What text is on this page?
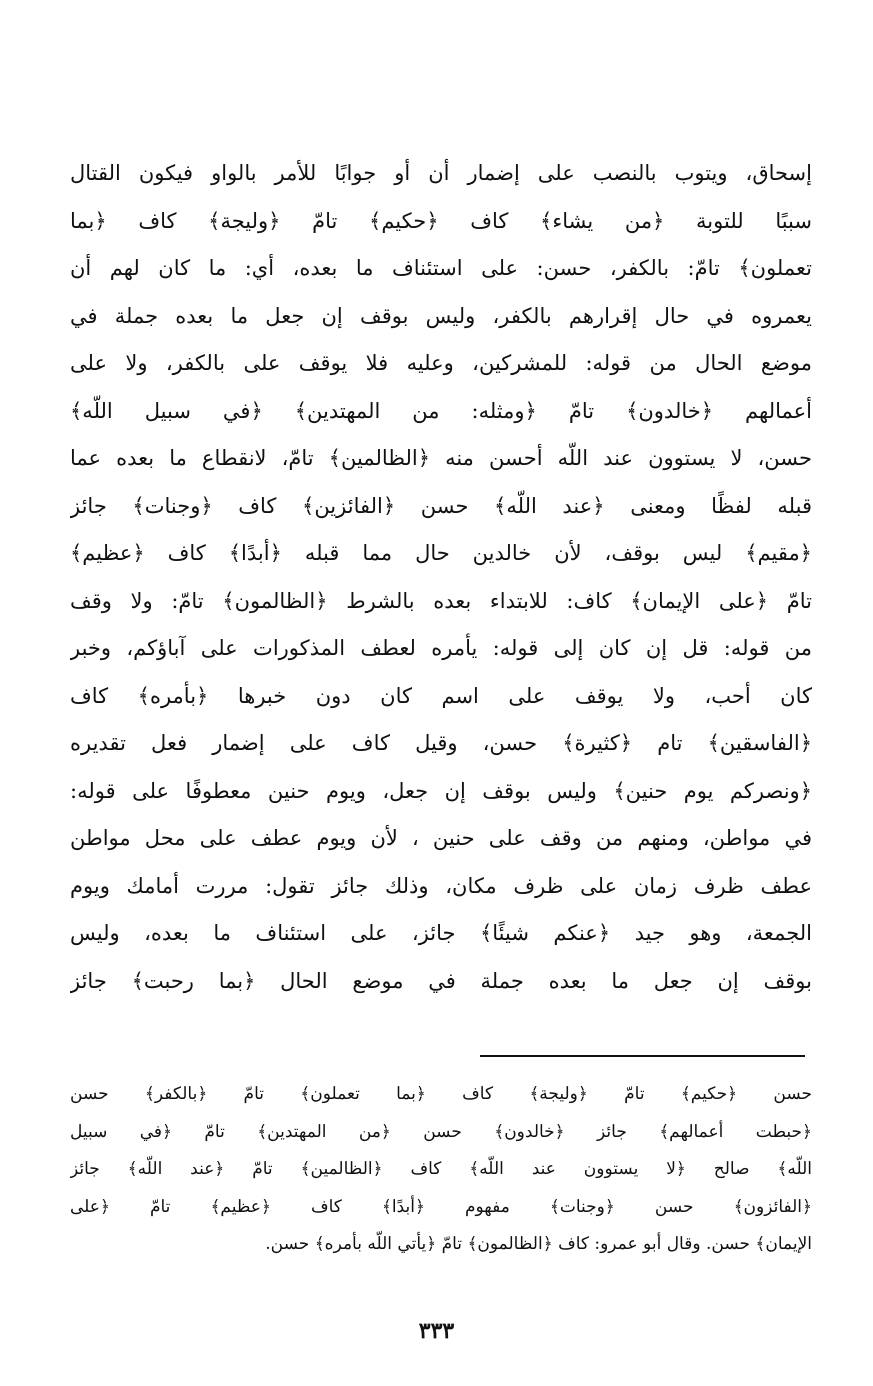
إسحاق، ويتوب بالنصب على إضمار أن أو جوابًا للأمر بالواو فيكون القتال
سببًا للتوبة ﴿من يشاء﴾ كاف ﴿حكيم﴾ تامّ ﴿وليجة﴾ كاف ﴿بما
تعملون﴾ تامّ: بالكفر، حسن: على استئناف ما بعده، أي: ما كان لهم أن
يعمروه في حال إقرارهم بالكفر، وليس بوقف إن جعل ما بعده جملة في
موضع الحال من قوله: للمشركين، وعليه فلا يوقف على بالكفر، ولا على
أعمالهم ﴿خالدون﴾ تامّ ﴿ومثله: من المهتدين﴾ ﴿في سبيل اللّه﴾
حسن، لا يستوون عند اللّه أحسن منه ﴿الظالمين﴾ تامّ، لانقطاع ما بعده عما
قبله لفظًا ومعنى ﴿عند اللّه﴾ حسن ﴿الفائزين﴾ كاف ﴿وجنات﴾ جائز
﴿مقيم﴾ ليس بوقف، لأن خالدين حال مما قبله ﴿أبدًا﴾ كاف ﴿عظيم﴾
تامّ ﴿على الإيمان﴾ كاف: للابتداء بعده بالشرط ﴿الظالمون﴾ تامّ: ولا وقف
من قوله: قل إن كان إلى قوله: يأمره لعطف المذكورات على آباؤكم، وخبر
كان أحب، ولا يوقف على اسم كان دون خبرها ﴿بأمره﴾ كاف
﴿الفاسقين﴾ تام ﴿كثيرة﴾ حسن، وقيل كاف على إضمار فعل تقديره
﴿ونصركم يوم حنين﴾ وليس بوقف إن جعل، ويوم حنين معطوفًا على قوله:
في مواطن، ومنهم من وقف على حنين ، لأن ويوم عطف على محل مواطن
عطف ظرف زمان على ظرف مكان، وذلك جائز تقول: مررت أمامك ويوم
الجمعة، وهو جيد ﴿عنكم شيئًا﴾ جائز، على استئناف ما بعده، وليس
بوقف إن جعل ما بعده جملة في موضع الحال ﴿بما رحبت﴾ جائز
حسن ﴿حكيم﴾ تامّ ﴿وليجة﴾ كاف ﴿بما تعملون﴾ تامّ ﴿بالكفر﴾ حسن
﴿حبطت أعمالهم﴾ جائز ﴿خالدون﴾ حسن ﴿من المهتدين﴾ تامّ ﴿في سبيل
اللّه﴾ صالح ﴿لا يستوون عند اللّه﴾ كاف ﴿الظالمين﴾ تامّ ﴿عند اللّه﴾ جائز
﴿الفائزون﴾ حسن ﴿وجنات﴾ مفهوم ﴿أبدًا﴾ كاف ﴿عظيم﴾ تامّ ﴿على
الإيمان﴾ حسن. وقال أبو عمرو: كاف ﴿الظالمون﴾ تامّ ﴿يأتي اللّه بأمره﴾ حسن.
٣٣٣
